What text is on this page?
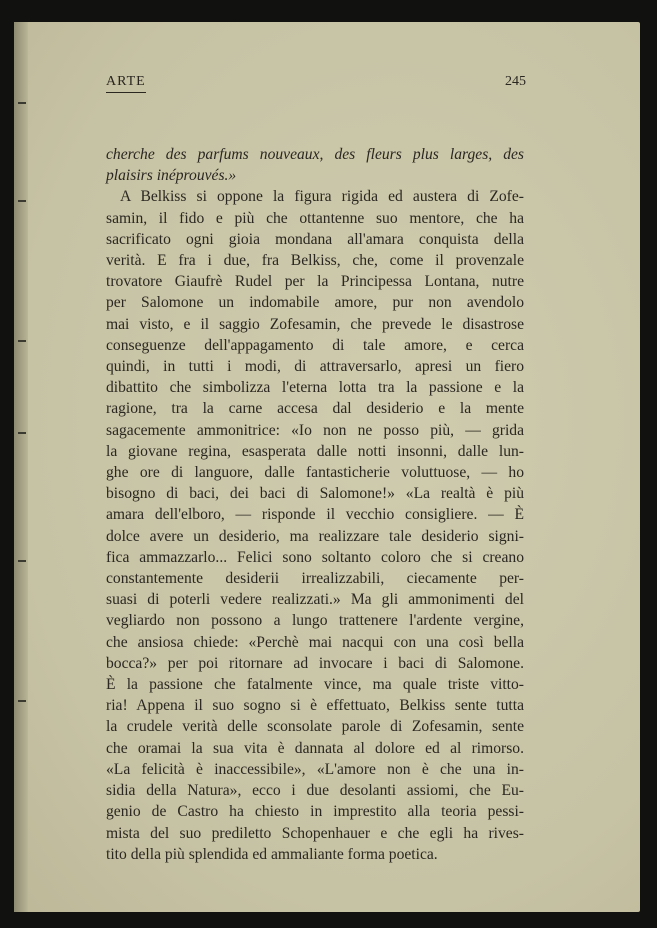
ARTE	245
cherche des parfums nouveaux, des fleurs plus larges, des
plaisirs inéprouvés.»
A Belkiss si oppone la figura rigida ed austera di Zofe-
samin, il fido e più che ottantenne suo mentore, che ha
sacrificato ogni gioia mondana all'amara conquista della
verità. E fra i due, fra Belkiss, che, come il provenzale
trovatore Giaufrè Rudel per la Principessa Lontana, nutre
per Salomone un indomabile amore, pur non avendolo
mai visto, e il saggio Zofesamin, che prevede le disastrose
conseguenze dell'appagamento di tale amore, e cerca
quindi, in tutti i modi, di attraversarlo, apresi un fiero
dibattito che simbolizza l'eterna lotta tra la passione e la
ragione, tra la carne accesa dal desiderio e la mente
sagacemente ammonitrice: «Io non ne posso più, — grida
la giovane regina, esasperata dalle notti insonni, dalle lun-
ghe ore di languore, dalle fantasticherie voluttuose, — ho
bisogno di baci, dei baci di Salomone!» «La realtà è più
amara dell'elboro, — risponde il vecchio consigliere. — È
dolce avere un desiderio, ma realizzare tale desiderio signi-
fica ammazzarlo... Felici sono soltanto coloro che si creano
constantemente desiderii irrealizzabili, ciecamente per-
suasi di poterli vedere realizzati.» Ma gli ammonimenti del
vegliardo non possono a lungo trattenere l'ardente vergine,
che ansiosa chiede: «Perchè mai nacqui con una così bella
bocca?» per poi ritornare ad invocare i baci di Salomone.
È la passione che fatalmente vince, ma quale triste vitto-
ria! Appena il suo sogno si è effettuato, Belkiss sente tutta
la crudele verità delle sconsolate parole di Zofesamin, sente
che oramai la sua vita è dannata al dolore ed al rimorso.
«La felicità è inaccessibile», «L'amore non è che una in-
sidia della Natura», ecco i due desolanti assiomi, che Eu-
genio de Castro ha chiesto in imprestito alla teoria pessi-
mista del suo prediletto Schopenhauer e che egli ha rives-
tito della più splendida ed ammaliante forma poetica.
